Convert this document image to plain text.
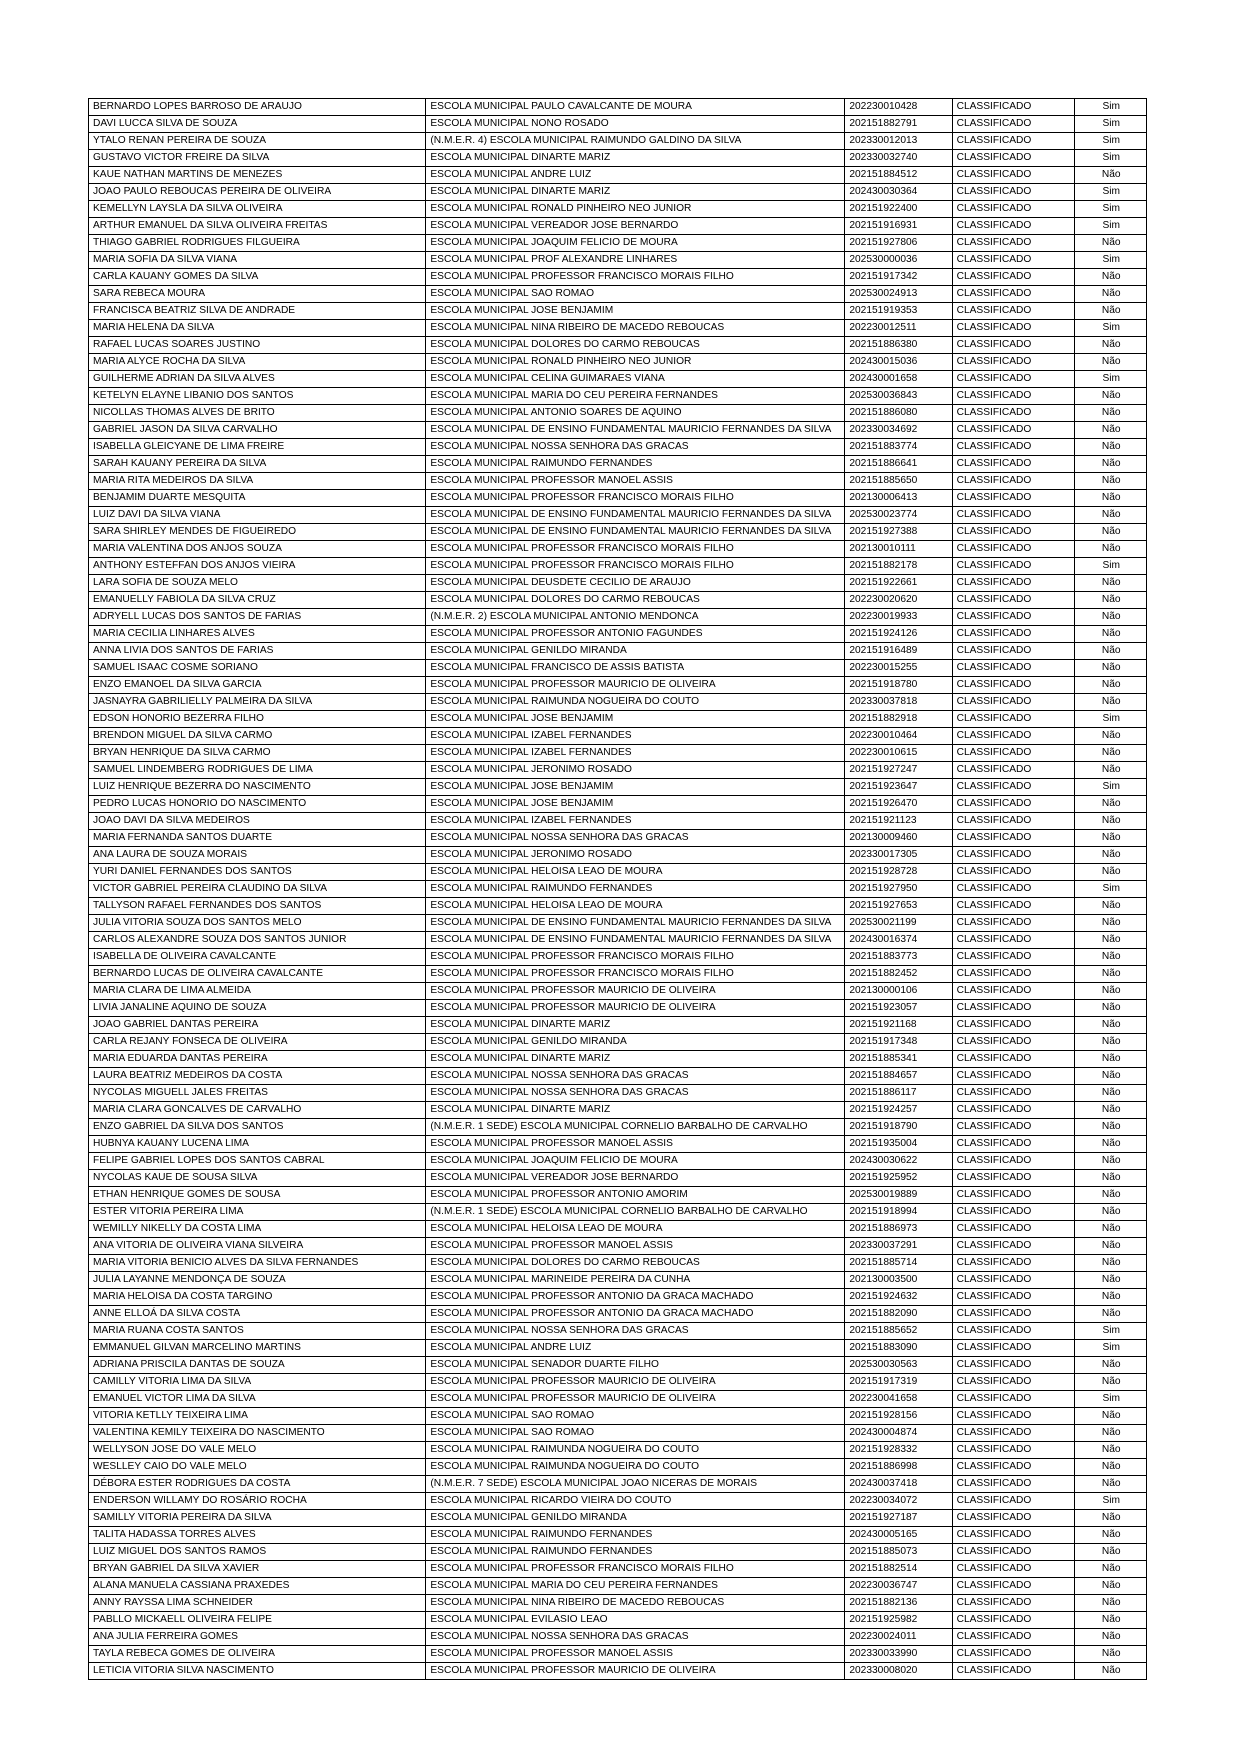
BERNARDO LOPES BARROSO DE ARAUJO	ESCOLA MUNICIPAL PAULO CAVALCANTE DE MOURA	202230010428	CLASSIFICADO	Sim
DAVI LUCCA SILVA DE SOUZA	ESCOLA MUNICIPAL NONO ROSADO	202151882791	CLASSIFICADO	Sim
YTALO RENAN PEREIRA DE SOUZA	(N.M.E.R. 4) ESCOLA MUNICIPAL RAIMUNDO GALDINO DA SILVA	202330012013	CLASSIFICADO	Sim
GUSTAVO VICTOR FREIRE DA SILVA	ESCOLA MUNICIPAL DINARTE MARIZ	202330032740	CLASSIFICADO	Sim
KAUE NATHAN MARTINS DE MENEZES	ESCOLA MUNICIPAL ANDRE LUIZ	202151884512	CLASSIFICADO	Não
JOAO PAULO REBOUCAS PEREIRA DE OLIVEIRA	ESCOLA MUNICIPAL DINARTE MARIZ	202430030364	CLASSIFICADO	Sim
KEMELLYN LAYSLA DA SILVA OLIVEIRA	ESCOLA MUNICIPAL RONALD PINHEIRO NEO JUNIOR	202151922400	CLASSIFICADO	Sim
ARTHUR EMANUEL DA SILVA OLIVEIRA FREITAS	ESCOLA MUNICIPAL VEREADOR JOSE BERNARDO	202151916931	CLASSIFICADO	Sim
THIAGO GABRIEL RODRIGUES FILGUEIRA	ESCOLA MUNICIPAL JOAQUIM FELICIO DE MOURA	202151927806	CLASSIFICADO	Não
MARIA SOFIA DA SILVA VIANA	ESCOLA MUNICIPAL PROF ALEXANDRE LINHARES	202530000036	CLASSIFICADO	Sim
CARLA KAUANY GOMES DA SILVA	ESCOLA MUNICIPAL PROFESSOR FRANCISCO MORAIS FILHO	202151917342	CLASSIFICADO	Não
SARA REBECA MOURA	ESCOLA MUNICIPAL SAO ROMAO	202530024913	CLASSIFICADO	Não
FRANCISCA BEATRIZ SILVA DE ANDRADE	ESCOLA MUNICIPAL JOSE BENJAMIM	202151919353	CLASSIFICADO	Não
MARIA HELENA DA SILVA	ESCOLA MUNICIPAL NINA RIBEIRO DE MACEDO REBOUCAS	202230012511	CLASSIFICADO	Sim
RAFAEL LUCAS SOARES JUSTINO	ESCOLA MUNICIPAL DOLORES DO CARMO REBOUCAS	202151886380	CLASSIFICADO	Não
MARIA ALYCE ROCHA DA SILVA	ESCOLA MUNICIPAL RONALD PINHEIRO NEO JUNIOR	202430015036	CLASSIFICADO	Não
GUILHERME ADRIAN DA SILVA ALVES	ESCOLA MUNICIPAL CELINA GUIMARAES VIANA	202430001658	CLASSIFICADO	Sim
KETELYN ELAYNE LIBANIO DOS SANTOS	ESCOLA MUNICIPAL MARIA DO CEU PEREIRA FERNANDES	202530036843	CLASSIFICADO	Não
NICOLLAS THOMAS ALVES DE BRITO	ESCOLA MUNICIPAL ANTONIO SOARES DE AQUINO	202151886080	CLASSIFICADO	Não
GABRIEL JASON DA SILVA CARVALHO	ESCOLA MUNICIPAL DE ENSINO FUNDAMENTAL MAURICIO FERNANDES DA SILVA	202330034692	CLASSIFICADO	Não
ISABELLA GLEICYANE DE LIMA FREIRE	ESCOLA MUNICIPAL NOSSA SENHORA DAS GRACAS	202151883774	CLASSIFICADO	Não
SARAH KAUANY PEREIRA DA SILVA	ESCOLA MUNICIPAL RAIMUNDO FERNANDES	202151886641	CLASSIFICADO	Não
MARIA RITA MEDEIROS DA SILVA	ESCOLA MUNICIPAL PROFESSOR MANOEL ASSIS	202151885650	CLASSIFICADO	Não
BENJAMIM DUARTE MESQUITA	ESCOLA MUNICIPAL PROFESSOR FRANCISCO MORAIS FILHO	202130006413	CLASSIFICADO	Não
LUIZ DAVI DA SILVA VIANA	ESCOLA MUNICIPAL DE ENSINO FUNDAMENTAL MAURICIO FERNANDES DA SILVA	202530023774	CLASSIFICADO	Não
SARA SHIRLEY MENDES DE FIGUEIREDO	ESCOLA MUNICIPAL DE ENSINO FUNDAMENTAL MAURICIO FERNANDES DA SILVA	202151927388	CLASSIFICADO	Não
MARIA VALENTINA DOS ANJOS SOUZA	ESCOLA MUNICIPAL PROFESSOR FRANCISCO MORAIS FILHO	202130010111	CLASSIFICADO	Não
ANTHONY ESTEFFAN DOS ANJOS VIEIRA	ESCOLA MUNICIPAL PROFESSOR FRANCISCO MORAIS FILHO	202151882178	CLASSIFICADO	Sim
LARA SOFIA DE SOUZA MELO	ESCOLA MUNICIPAL DEUSDETE CECILIO DE ARAUJO	202151922661	CLASSIFICADO	Não
EMANUELLY FABIOLA DA SILVA CRUZ	ESCOLA MUNICIPAL DOLORES DO CARMO REBOUCAS	202230020620	CLASSIFICADO	Não
ADRYELL LUCAS DOS SANTOS DE FARIAS	(N.M.E.R. 2) ESCOLA MUNICIPAL ANTONIO MENDONCA	202230019933	CLASSIFICADO	Não
MARIA CECILIA LINHARES ALVES	ESCOLA MUNICIPAL PROFESSOR ANTONIO FAGUNDES	202151924126	CLASSIFICADO	Não
ANNA LIVIA DOS SANTOS DE FARIAS	ESCOLA MUNICIPAL GENILDO MIRANDA	202151916489	CLASSIFICADO	Não
SAMUEL ISAAC COSME SORIANO	ESCOLA MUNICIPAL FRANCISCO DE ASSIS BATISTA	202230015255	CLASSIFICADO	Não
ENZO EMANOEL DA SILVA GARCIA	ESCOLA MUNICIPAL PROFESSOR MAURICIO DE OLIVEIRA	202151918780	CLASSIFICADO	Não
JASNAYRA GABRILIELLY PALMEIRA DA SILVA	ESCOLA MUNICIPAL RAIMUNDA NOGUEIRA DO COUTO	202330037818	CLASSIFICADO	Não
EDSON HONORIO BEZERRA FILHO	ESCOLA MUNICIPAL JOSE BENJAMIM	202151882918	CLASSIFICADO	Sim
BRENDON MIGUEL DA SILVA CARMO	ESCOLA MUNICIPAL IZABEL FERNANDES	202230010464	CLASSIFICADO	Não
BRYAN HENRIQUE DA SILVA CARMO	ESCOLA MUNICIPAL IZABEL FERNANDES	202230010615	CLASSIFICADO	Não
SAMUEL LINDEMBERG RODRIGUES DE LIMA	ESCOLA MUNICIPAL JERONIMO ROSADO	202151927247	CLASSIFICADO	Não
LUIZ HENRIQUE BEZERRA DO NASCIMENTO	ESCOLA MUNICIPAL JOSE BENJAMIM	202151923647	CLASSIFICADO	Sim
PEDRO LUCAS HONORIO DO NASCIMENTO	ESCOLA MUNICIPAL JOSE BENJAMIM	202151926470	CLASSIFICADO	Não
JOAO DAVI DA SILVA MEDEIROS	ESCOLA MUNICIPAL IZABEL FERNANDES	202151921123	CLASSIFICADO	Não
MARIA FERNANDA SANTOS DUARTE	ESCOLA MUNICIPAL NOSSA SENHORA DAS GRACAS	202130009460	CLASSIFICADO	Não
ANA LAURA DE SOUZA MORAIS	ESCOLA MUNICIPAL JERONIMO ROSADO	202330017305	CLASSIFICADO	Não
YURI DANIEL FERNANDES DOS SANTOS	ESCOLA MUNICIPAL HELOISA LEAO DE MOURA	202151928728	CLASSIFICADO	Não
VICTOR GABRIEL PEREIRA CLAUDINO DA SILVA	ESCOLA MUNICIPAL RAIMUNDO FERNANDES	202151927950	CLASSIFICADO	Sim
TALLYSON RAFAEL FERNANDES DOS SANTOS	ESCOLA MUNICIPAL HELOISA LEAO DE MOURA	202151927653	CLASSIFICADO	Não
JULIA VITORIA SOUZA DOS SANTOS MELO	ESCOLA MUNICIPAL DE ENSINO FUNDAMENTAL MAURICIO FERNANDES DA SILVA	202530021199	CLASSIFICADO	Não
CARLOS ALEXANDRE SOUZA DOS SANTOS JUNIOR	ESCOLA MUNICIPAL DE ENSINO FUNDAMENTAL MAURICIO FERNANDES DA SILVA	202430016374	CLASSIFICADO	Não
ISABELLA DE OLIVEIRA CAVALCANTE	ESCOLA MUNICIPAL PROFESSOR FRANCISCO MORAIS FILHO	202151883773	CLASSIFICADO	Não
BERNARDO LUCAS DE OLIVEIRA CAVALCANTE	ESCOLA MUNICIPAL PROFESSOR FRANCISCO MORAIS FILHO	202151882452	CLASSIFICADO	Não
MARIA CLARA DE LIMA ALMEIDA	ESCOLA MUNICIPAL PROFESSOR MAURICIO DE OLIVEIRA	202130000106	CLASSIFICADO	Não
LIVIA JANALINE AQUINO DE SOUZA	ESCOLA MUNICIPAL PROFESSOR MAURICIO DE OLIVEIRA	202151923057	CLASSIFICADO	Não
JOAO GABRIEL DANTAS PEREIRA	ESCOLA MUNICIPAL DINARTE MARIZ	202151921168	CLASSIFICADO	Não
CARLA REJANY FONSECA DE OLIVEIRA	ESCOLA MUNICIPAL GENILDO MIRANDA	202151917348	CLASSIFICADO	Não
MARIA EDUARDA DANTAS PEREIRA	ESCOLA MUNICIPAL DINARTE MARIZ	202151885341	CLASSIFICADO	Não
LAURA BEATRIZ MEDEIROS DA COSTA	ESCOLA MUNICIPAL NOSSA SENHORA DAS GRACAS	202151884657	CLASSIFICADO	Não
NYCOLAS MIGUELL JALES FREITAS	ESCOLA MUNICIPAL NOSSA SENHORA DAS GRACAS	202151886117	CLASSIFICADO	Não
MARIA CLARA GONCALVES DE CARVALHO	ESCOLA MUNICIPAL DINARTE MARIZ	202151924257	CLASSIFICADO	Não
ENZO GABRIEL DA SILVA DOS SANTOS	(N.M.E.R. 1 SEDE) ESCOLA MUNICIPAL CORNELIO BARBALHO DE CARVALHO	202151918790	CLASSIFICADO	Não
HUBNYA KAUANY LUCENA LIMA	ESCOLA MUNICIPAL PROFESSOR MANOEL ASSIS	202151935004	CLASSIFICADO	Não
FELIPE GABRIEL LOPES DOS SANTOS CABRAL	ESCOLA MUNICIPAL JOAQUIM FELICIO DE MOURA	202430030622	CLASSIFICADO	Não
NYCOLAS KAUE DE SOUSA SILVA	ESCOLA MUNICIPAL VEREADOR JOSE BERNARDO	202151925952	CLASSIFICADO	Não
ETHAN HENRIQUE GOMES DE SOUSA	ESCOLA MUNICIPAL PROFESSOR ANTONIO AMORIM	202530019889	CLASSIFICADO	Não
ESTER VITORIA PEREIRA LIMA	(N.M.E.R. 1 SEDE) ESCOLA MUNICIPAL CORNELIO BARBALHO DE CARVALHO	202151918994	CLASSIFICADO	Não
WEMILLY NIKELLY DA COSTA LIMA	ESCOLA MUNICIPAL HELOISA LEAO DE MOURA	202151886973	CLASSIFICADO	Não
ANA VITORIA DE OLIVEIRA VIANA SILVEIRA	ESCOLA MUNICIPAL PROFESSOR MANOEL ASSIS	202330037291	CLASSIFICADO	Não
MARIA VITORIA BENICIO ALVES DA SILVA FERNANDES	ESCOLA MUNICIPAL DOLORES DO CARMO REBOUCAS	202151885714	CLASSIFICADO	Não
JULIA LAYANNE MENDONÇA DE SOUZA	ESCOLA MUNICIPAL MARINEIDE PEREIRA DA CUNHA	202130003500	CLASSIFICADO	Não
MARIA HELOISA DA COSTA TARGINO	ESCOLA MUNICIPAL PROFESSOR ANTONIO DA GRACA MACHADO	202151924632	CLASSIFICADO	Não
ANNE ELLOÁ DA SILVA COSTA	ESCOLA MUNICIPAL PROFESSOR ANTONIO DA GRACA MACHADO	202151882090	CLASSIFICADO	Não
MARIA RUANA COSTA SANTOS	ESCOLA MUNICIPAL NOSSA SENHORA DAS GRACAS	202151885652	CLASSIFICADO	Sim
EMMANUEL GILVAN MARCELINO MARTINS	ESCOLA MUNICIPAL ANDRE LUIZ	202151883090	CLASSIFICADO	Sim
ADRIANA PRISCILA DANTAS DE SOUZA	ESCOLA MUNICIPAL SENADOR DUARTE FILHO	202530030563	CLASSIFICADO	Não
CAMILLY VITORIA LIMA DA SILVA	ESCOLA MUNICIPAL PROFESSOR MAURICIO DE OLIVEIRA	202151917319	CLASSIFICADO	Não
EMANUEL VICTOR LIMA DA SILVA	ESCOLA MUNICIPAL PROFESSOR MAURICIO DE OLIVEIRA	202230041658	CLASSIFICADO	Sim
VITORIA KETLLY TEIXEIRA LIMA	ESCOLA MUNICIPAL SAO ROMAO	202151928156	CLASSIFICADO	Não
VALENTINA KEMILY TEIXEIRA DO NASCIMENTO	ESCOLA MUNICIPAL SAO ROMAO	202430004874	CLASSIFICADO	Não
WELLYSON JOSE DO VALE MELO	ESCOLA MUNICIPAL RAIMUNDA NOGUEIRA DO COUTO	202151928332	CLASSIFICADO	Não
WESLLEY CAIO DO VALE MELO	ESCOLA MUNICIPAL RAIMUNDA NOGUEIRA DO COUTO	202151886998	CLASSIFICADO	Não
DÉBORA ESTER RODRIGUES DA COSTA	(N.M.E.R. 7 SEDE) ESCOLA MUNICIPAL JOAO NICERAS DE MORAIS	202430037418	CLASSIFICADO	Não
ENDERSON WILLAMY DO ROSÁRIO ROCHA	ESCOLA MUNICIPAL RICARDO VIEIRA DO COUTO	202230034072	CLASSIFICADO	Sim
SAMILLY VITORIA PEREIRA DA SILVA	ESCOLA MUNICIPAL GENILDO MIRANDA	202151927187	CLASSIFICADO	Não
TALITA HADASSA TORRES ALVES	ESCOLA MUNICIPAL RAIMUNDO FERNANDES	202430005165	CLASSIFICADO	Não
LUIZ MIGUEL DOS SANTOS RAMOS	ESCOLA MUNICIPAL RAIMUNDO FERNANDES	202151885073	CLASSIFICADO	Não
BRYAN GABRIEL DA SILVA XAVIER	ESCOLA MUNICIPAL PROFESSOR FRANCISCO MORAIS FILHO	202151882514	CLASSIFICADO	Não
ALANA MANUELA CASSIANA PRAXEDES	ESCOLA MUNICIPAL MARIA DO CEU PEREIRA FERNANDES	202230036747	CLASSIFICADO	Não
ANNY RAYSSA LIMA SCHNEIDER	ESCOLA MUNICIPAL NINA RIBEIRO DE MACEDO REBOUCAS	202151882136	CLASSIFICADO	Não
PABLLO MICKAELL OLIVEIRA FELIPE	ESCOLA MUNICIPAL EVILASIO LEAO	202151925982	CLASSIFICADO	Não
ANA JULIA FERREIRA GOMES	ESCOLA MUNICIPAL NOSSA SENHORA DAS GRACAS	202230024011	CLASSIFICADO	Não
TAYLA REBECA GOMES DE OLIVEIRA	ESCOLA MUNICIPAL PROFESSOR MANOEL ASSIS	202330033990	CLASSIFICADO	Não
LETICIA VITORIA SILVA NASCIMENTO	ESCOLA MUNICIPAL PROFESSOR MAURICIO DE OLIVEIRA	202330008020	CLASSIFICADO	Não
